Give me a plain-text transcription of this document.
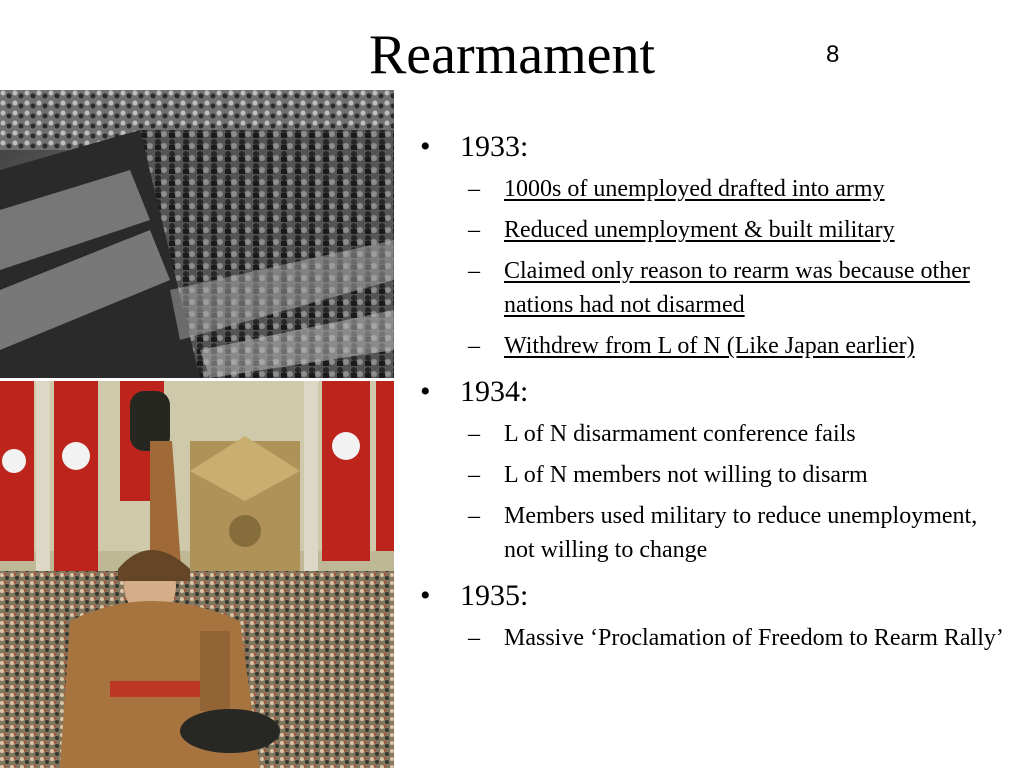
Rearmament	8
• 1933:
– 1000s of unemployed drafted into army
– Reduced unemployment & built military
– Claimed only reason to rearm was because other nations had not disarmed
– Withdrew from L of N (Like Japan earlier)
• 1934:
– L of N disarmament conference fails
– L of N members not willing to disarm
– Members used military to reduce unemployment, not willing to change
• 1935:
– Massive ‘Proclamation of Freedom to Rearm Rally’
